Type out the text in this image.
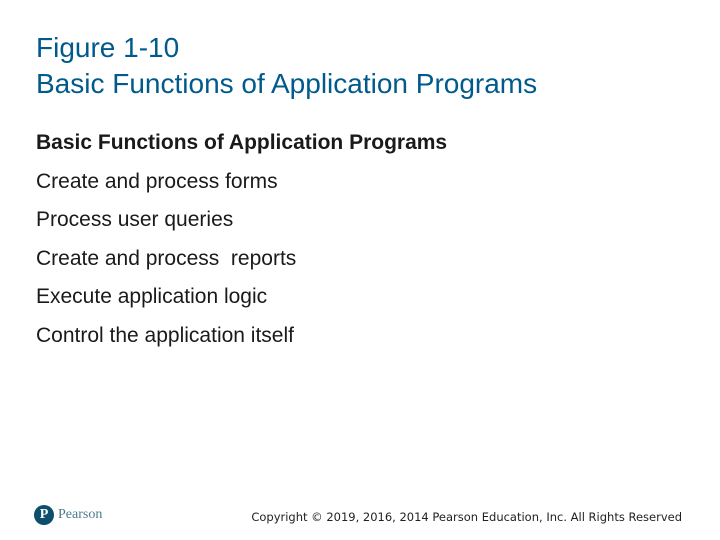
Figure 1-10
Basic Functions of Application Programs
Basic Functions of Application Programs
Create and process forms
Process user queries
Create and process  reports
Execute application logic
Control the application itself
P Pearson	Copyright © 2019, 2016, 2014 Pearson Education, Inc. All Rights Reserved
